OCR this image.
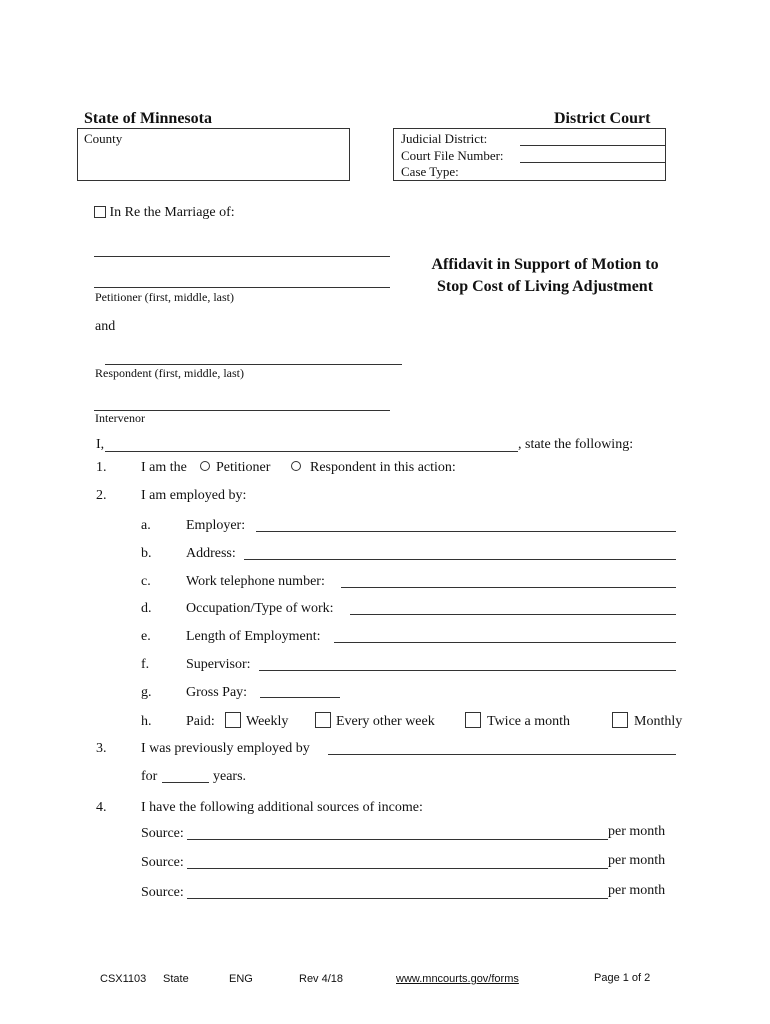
State of Minnesota	District Court
County	Judicial District:
Court File Number:
Case Type:
In Re the Marriage of:
Petitioner (first, middle, last)
and
Respondent (first, middle, last)
Intervenor
Affidavit in Support of Motion to
Stop Cost of Living Adjustment
I,	, state the following:
1. I am the Petitioner	Respondent in this action:
2. I am employed by:
a.	Employer:
b. Address:
c.	Work telephone number:
d. Occupation/Type of work:
e.	Length of Employment:
f.	Supervisor:
g. Gross Pay:
h. Paid: Weekly	Every other week	Twice a month	Monthly
3. I was previously employed by
for	years.
4. I have the following additional sources of income:
Source:	per month
Source:	per month
Source:	per month
CSX1103 State	ENG	Rev 4/18	www.mncourts.gov/forms	Page 1 of 2
